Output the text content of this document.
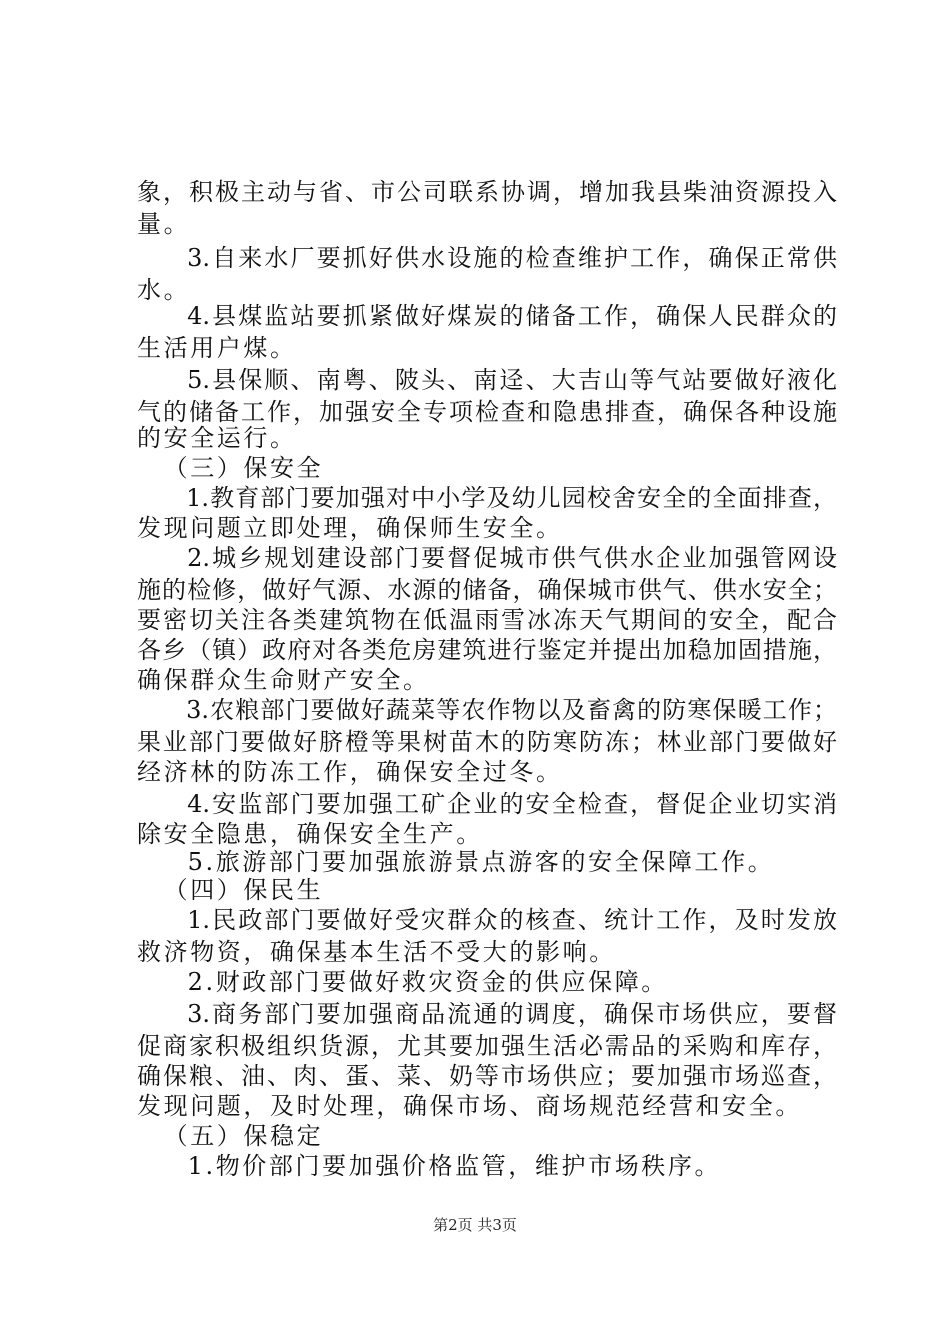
象，积极主动与省、市公司联系协调，增加我县柴油资源投入
量。
　3.自来水厂要抓好供水设施的检查维护工作，确保正常供
水。
　4.县煤监站要抓紧做好煤炭的储备工作，确保人民群众的
生活用户煤。
　5.县保顺、南粤、陂头、南迳、大吉山等气站要做好液化
气的储备工作，加强安全专项检查和隐患排查，确保各种设施
的安全运行。
　（三）保安全
　1.教育部门要加强对中小学及幼儿园校舍安全的全面排查，
发现问题立即处理，确保师生安全。
　2.城乡规划建设部门要督促城市供气供水企业加强管网设
施的检修，做好气源、水源的储备，确保城市供气、供水安全；
要密切关注各类建筑物在低温雨雪冰冻天气期间的安全，配合
各乡（镇）政府对各类危房建筑进行鉴定并提出加稳加固措施，
确保群众生命财产安全。
　3.农粮部门要做好蔬菜等农作物以及畜禽的防寒保暖工作；
果业部门要做好脐橙等果树苗木的防寒防冻；林业部门要做好
经济林的防冻工作，确保安全过冬。
　4.安监部门要加强工矿企业的安全检查，督促企业切实消
除安全隐患，确保安全生产。
　5.旅游部门要加强旅游景点游客的安全保障工作。
　（四）保民生
　1.民政部门要做好受灾群众的核查、统计工作，及时发放
救济物资，确保基本生活不受大的影响。
　2.财政部门要做好救灾资金的供应保障。
　3.商务部门要加强商品流通的调度，确保市场供应，要督
促商家积极组织货源，尤其要加强生活必需品的采购和库存，
确保粮、油、肉、蛋、菜、奶等市场供应；要加强市场巡查，
发现问题，及时处理，确保市场、商场规范经营和安全。
　（五）保稳定
　1.物价部门要加强价格监管，维护市场秩序。
第2页 共3页
